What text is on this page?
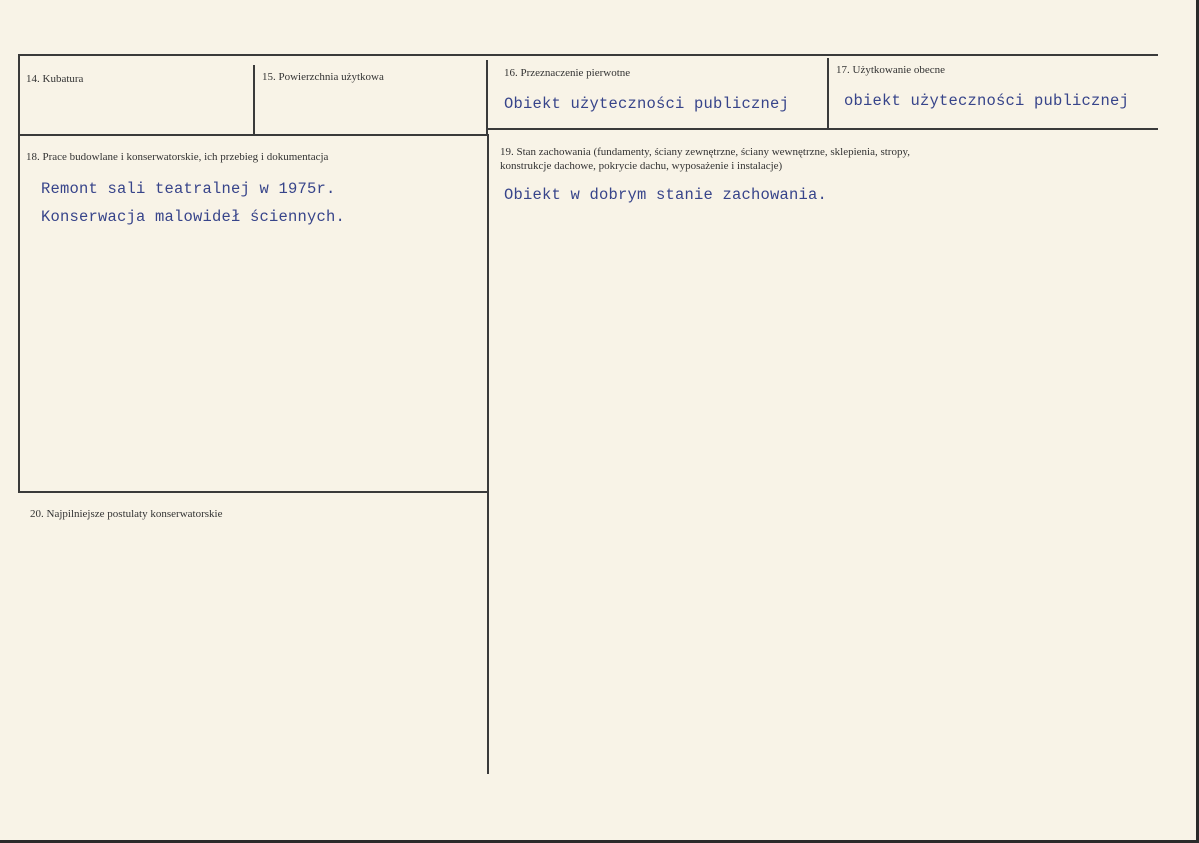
14. Kubatura	15. Powierzchnia użytkowa	16. Przeznaczenie pierwotne
Obiekt użyteczności publicznej
17. Użytkowanie obecne
obiekt użyteczności publicznej
18. Prace budowlane i konserwatorskie, ich przebieg i dokumentacja
Remont sali teatralnej w 1975r.
Konserwacja malowideł ściennych.
19. Stan zachowania (fundamenty, ściany zewnętrzne, ściany wewnętrzne, sklepienia, stropy,
konstrukcje dachowe, pokrycie dachu, wyposażenie i instalacje)
Obiekt w dobrym stanie zachowania.
20. Najpilniejsze postulaty konserwatorskie
